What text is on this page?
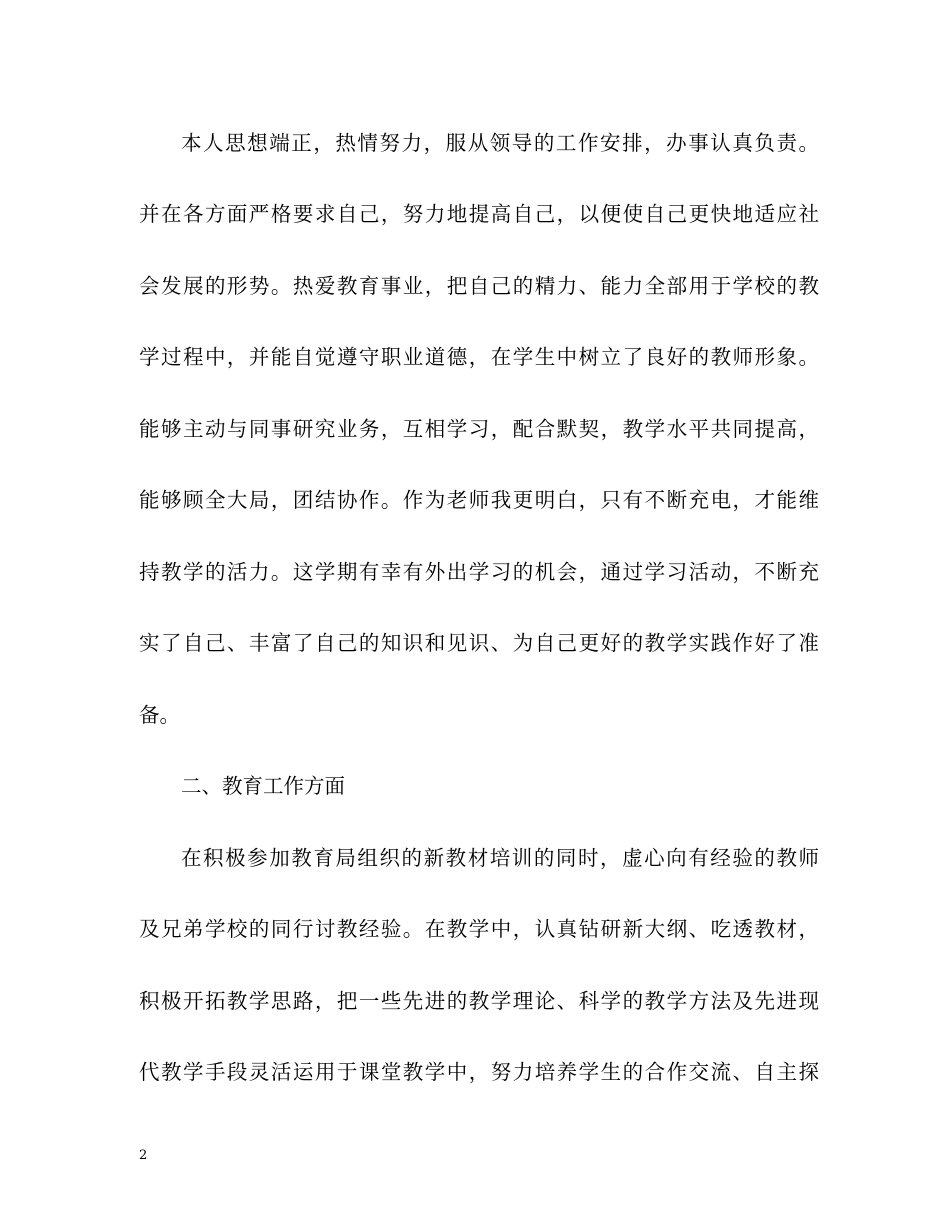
本人思想端正，热情努力，服从领导的工作安排，办事认真负责。
并在各方面严格要求自己，努力地提高自己，以便使自己更快地适应社
会发展的形势。热爱教育事业，把自己的精力、能力全部用于学校的教
学过程中，并能自觉遵守职业道德，在学生中树立了良好的教师形象。
能够主动与同事研究业务，互相学习，配合默契，教学水平共同提高，
能够顾全大局，团结协作。作为老师我更明白，只有不断充电，才能维
持教学的活力。这学期有幸有外出学习的机会，通过学习活动，不断充
实了自己、丰富了自己的知识和见识、为自己更好的教学实践作好了准
备。
二、教育工作方面
在积极参加教育局组织的新教材培训的同时，虚心向有经验的教师
及兄弟学校的同行讨教经验。在教学中，认真钻研新大纲、吃透教材，
积极开拓教学思路，把一些先进的教学理论、科学的教学方法及先进现
代教学手段灵活运用于课堂教学中，努力培养学生的合作交流、自主探
2
